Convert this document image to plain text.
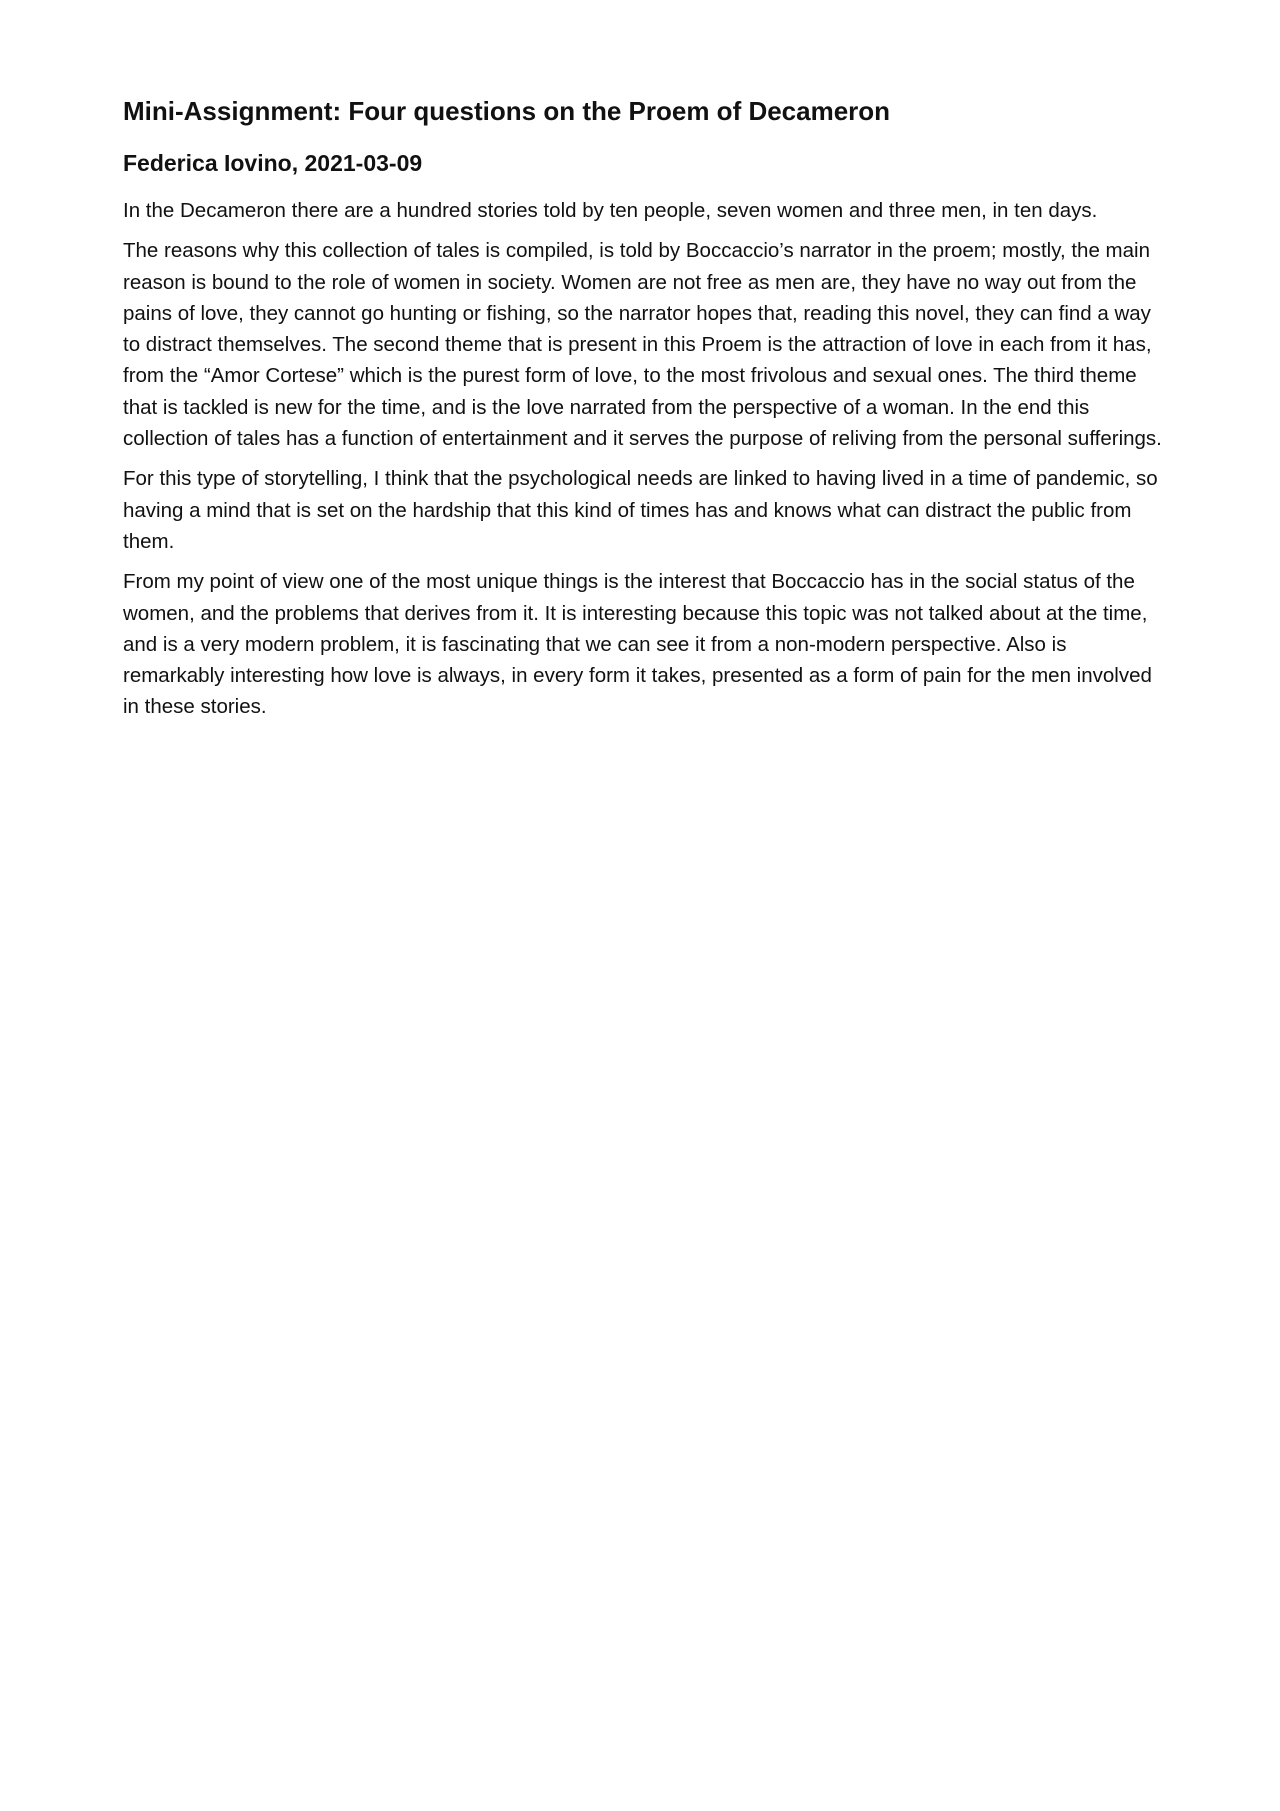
Mini-Assignment: Four questions on the Proem of Decameron
Federica Iovino, 2021-03-09

In the Decameron there are a hundred stories told by ten people, seven women and three men, in ten days.

The reasons why this collection of tales is compiled, is told by Boccaccio’s narrator in the proem; mostly, the main reason is bound to the role of women in society. Women are not free as men are, they have no way out from the pains of love, they cannot go hunting or fishing, so the narrator hopes that, reading this novel, they can find a way to distract themselves. The second theme that is present in this Proem is the attraction of love in each from it has, from the “Amor Cortese” which is the purest form of love, to the most frivolous and sexual ones. The third theme that is tackled is new for the time, and is the love narrated from the perspective of a woman. In the end this collection of tales has a function of entertainment and it serves the purpose of reliving from the personal sufferings.

For this type of storytelling, I think that the psychological needs are linked to having lived in a time of pandemic, so having a mind that is set on the hardship that this kind of times has and knows what can distract the public from them.

From my point of view one of the most unique things is the interest that Boccaccio has in the social status of the women, and the problems that derives from it. It is interesting because this topic was not talked about at the time, and is a very modern problem, it is fascinating that we can see it from a non-modern perspective. Also is remarkably interesting how love is always, in every form it takes, presented as a form of pain for the men involved in these stories.
